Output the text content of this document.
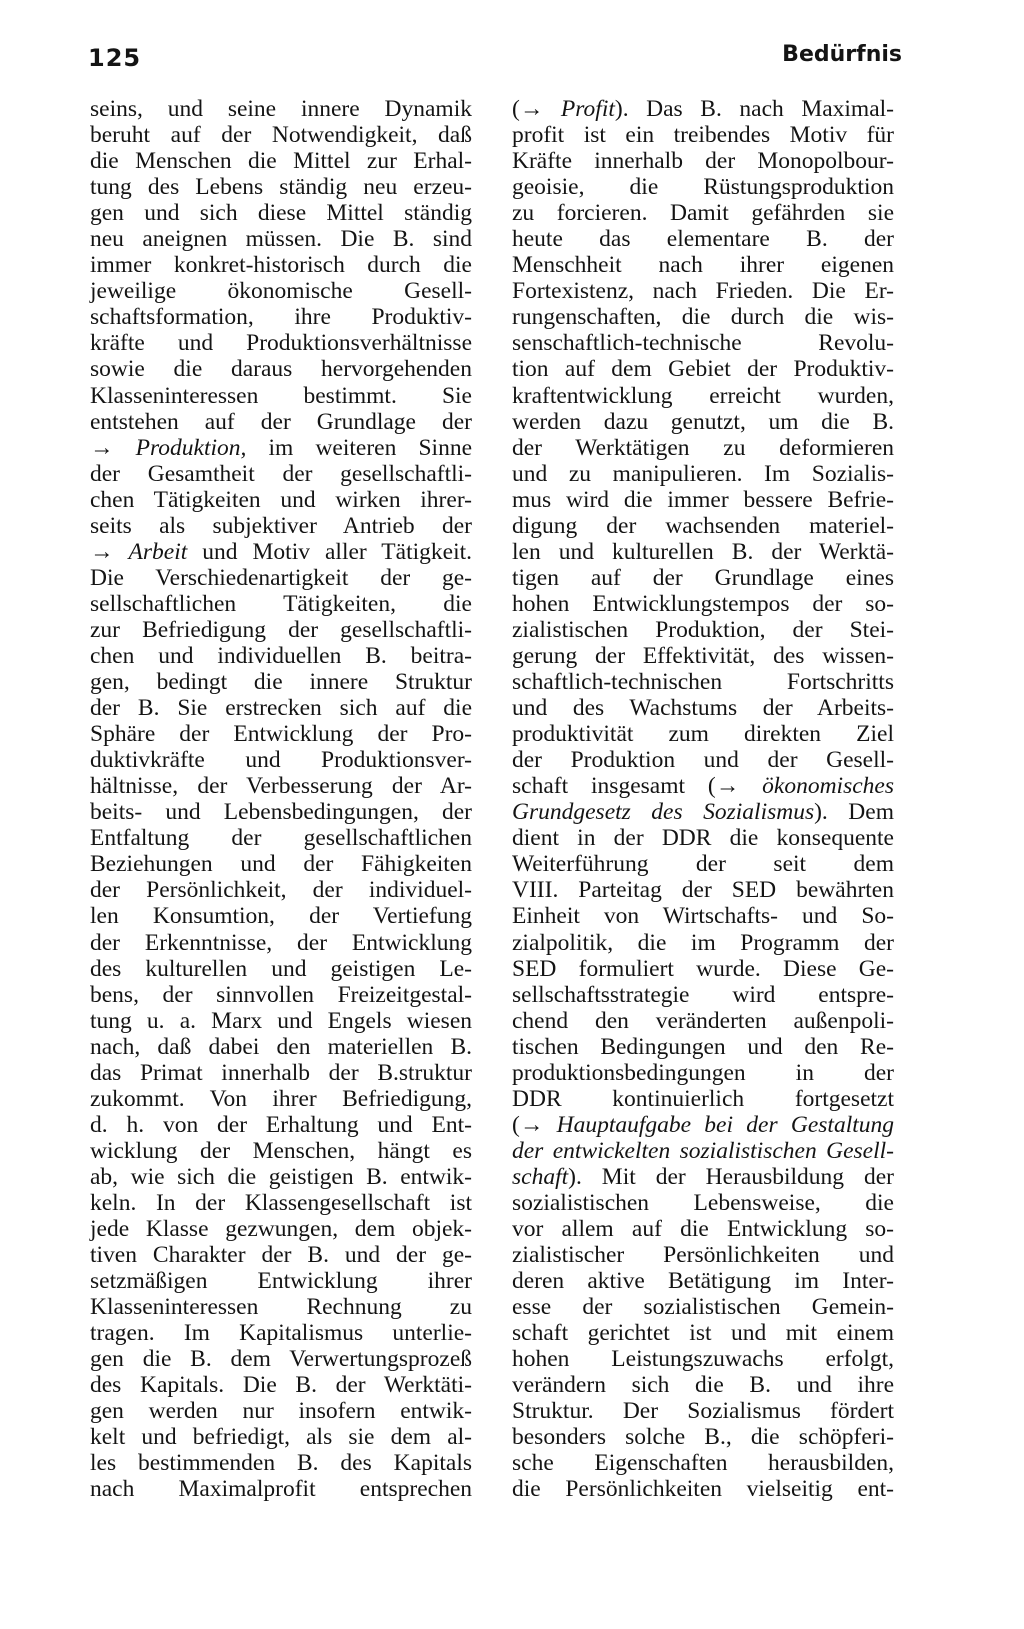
125	Bedürfnis
seins, und seine innere Dynamik
beruht auf der Notwendigkeit, daß
die Menschen die Mittel zur Erhal-
tung des Lebens ständig neu erzeu-
gen und sich diese Mittel ständig
neu aneignen müssen. Die B. sind
immer konkret-historisch durch die
jeweilige ökonomische Gesell-
schaftsformation, ihre Produktiv-
kräfte und Produktionsverhältnisse
sowie die daraus hervorgehenden
Klasseninteressen bestimmt. Sie
entstehen auf der Grundlage der
→ Produktion, im weiteren Sinne
der Gesamtheit der gesellschaftli-
chen Tätigkeiten und wirken ihrer-
seits als subjektiver Antrieb der
→ Arbeit und Motiv aller Tätigkeit.
Die Verschiedenartigkeit der ge-
sellschaftlichen Tätigkeiten, die
zur Befriedigung der gesellschaftli-
chen und individuellen B. beitra-
gen, bedingt die innere Struktur
der B. Sie erstrecken sich auf die
Sphäre der Entwicklung der Pro-
duktivkräfte und Produktionsver-
hältnisse, der Verbesserung der Ar-
beits- und Lebensbedingungen, der
Entfaltung der gesellschaftlichen
Beziehungen und der Fähigkeiten
der Persönlichkeit, der individuel-
len Konsumtion, der Vertiefung
der Erkenntnisse, der Entwicklung
des kulturellen und geistigen Le-
bens, der sinnvollen Freizeitgestal-
tung u. a. Marx und Engels wiesen
nach, daß dabei den materiellen B.
das Primat innerhalb der B.struktur
zukommt. Von ihrer Befriedigung,
d. h. von der Erhaltung und Ent-
wicklung der Menschen, hängt es
ab, wie sich die geistigen B. entwik-
keln. In der Klassengesellschaft ist
jede Klasse gezwungen, dem objek-
tiven Charakter der B. und der ge-
setzmäßigen Entwicklung ihrer
Klasseninteressen Rechnung zu
tragen. Im Kapitalismus unterlie-
gen die B. dem Verwertungsprozeß
des Kapitals. Die B. der Werktäti-
gen werden nur insofern entwik-
kelt und befriedigt, als sie dem al-
les bestimmenden B. des Kapitals
nach Maximalprofit entsprechen
(→ Profit). Das B. nach Maximal-
profit ist ein treibendes Motiv für
Kräfte innerhalb der Monopolbour-
geoisie, die Rüstungsproduktion
zu forcieren. Damit gefährden sie
heute das elementare B. der
Menschheit nach ihrer eigenen
Fortexistenz, nach Frieden. Die Er-
rungenschaften, die durch die wis-
senschaftlich-technische Revolu-
tion auf dem Gebiet der Produktiv-
kraftentwicklung erreicht wurden,
werden dazu genutzt, um die B.
der Werktätigen zu deformieren
und zu manipulieren. Im Sozialis-
mus wird die immer bessere Befrie-
digung der wachsenden materiel-
len und kulturellen B. der Werktä-
tigen auf der Grundlage eines
hohen Entwicklungstempos der so-
zialistischen Produktion, der Stei-
gerung der Effektivität, des wissen-
schaftlich-technischen Fortschritts
und des Wachstums der Arbeits-
produktivität zum direkten Ziel
der Produktion und der Gesell-
schaft insgesamt (→ ökonomisches
Grundgesetz des Sozialismus). Dem
dient in der DDR die konsequente
Weiterführung der seit dem
VIII. Parteitag der SED bewährten
Einheit von Wirtschafts- und So-
zialpolitik, die im Programm der
SED formuliert wurde. Diese Ge-
sellschaftsstrategie wird entspre-
chend den veränderten außenpoli-
tischen Bedingungen und den Re-
produktionsbedingungen in der
DDR kontinuierlich fortgesetzt
(→ Hauptaufgabe bei der Gestaltung
der entwickelten sozialistischen Gesell-
schaft). Mit der Herausbildung der
sozialistischen Lebensweise, die
vor allem auf die Entwicklung so-
zialistischer Persönlichkeiten und
deren aktive Betätigung im Inter-
esse der sozialistischen Gemein-
schaft gerichtet ist und mit einem
hohen Leistungszuwachs erfolgt,
verändern sich die B. und ihre
Struktur. Der Sozialismus fördert
besonders solche B., die schöpferi-
sche Eigenschaften herausbilden,
die Persönlichkeiten vielseitig ent-
